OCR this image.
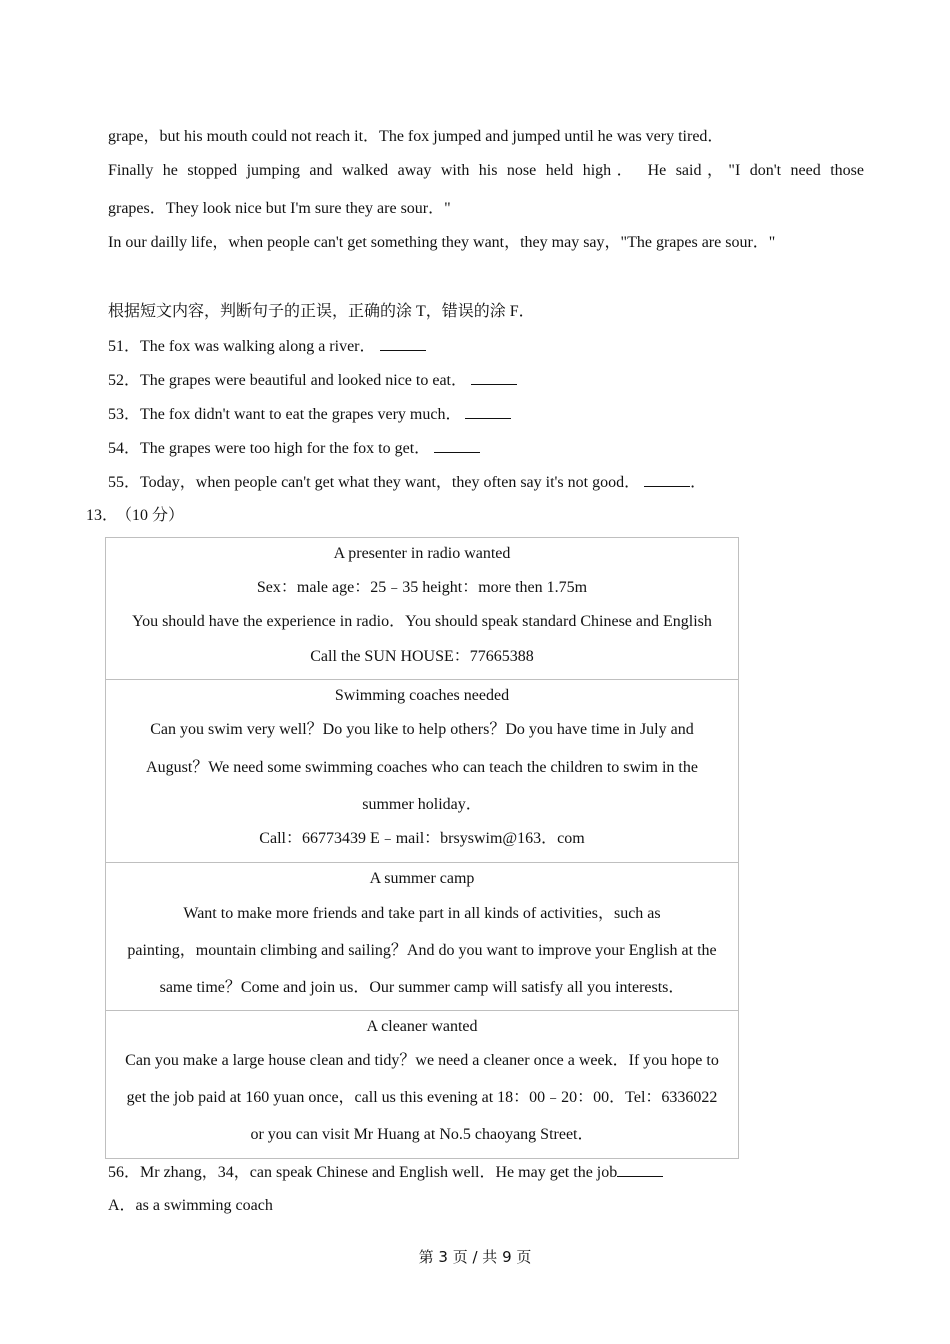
grape，but his mouth could not reach it．The fox jumped and jumped until he was very tired．
Finally he stopped jumping and walked away with his nose held high． He said，"I don't need those
grapes．They look nice but I'm sure they are sour．"
In our dailly life，when people can't get something they want，they may say，"The grapes are sour．"
根据短文内容，判断句子的正误，正确的涂 T，错误的涂 F．
51．The fox was walking along a river．
52．The grapes were beautiful and looked nice to eat．
53．The fox didn't want to eat the grapes very much．
54．The grapes were too high for the fox to get．
55．Today，when people can't get what they want，they often say it's not good．	．
13． （10 分）
A presenter in radio wanted
Sex：male age：25﹣35 height：more then 1.75m
You should have the experience in radio．You should speak standard Chinese and English
Call the SUN HOUSE：77665388
Swimming coaches needed
Can you swim very well？Do you like to help others？Do you have time in July and
August？We need some swimming coaches who can teach the children to swim in the
summer holiday．
Call：66773439 E﹣mail：brsyswim@163．com
A summer camp
Want to make more friends and take part in all kinds of activities，such as
painting，mountain climbing and sailing？And do you want to improve your English at the
same time？Come and join us．Our summer camp will satisfy all you interests．
A cleaner wanted
Can you make a large house clean and tidy？we need a cleaner once a week．If you hope to
get the job paid at 160 yuan once，call us this evening at 18：00﹣20：00．Tel：6336022
or you can visit Mr Huang at No.5 chaoyang Street．
56．Mr zhang，34，can speak Chinese and English well．He may get the job
A．as a swimming coach
第 3 页 / 共 9 页
